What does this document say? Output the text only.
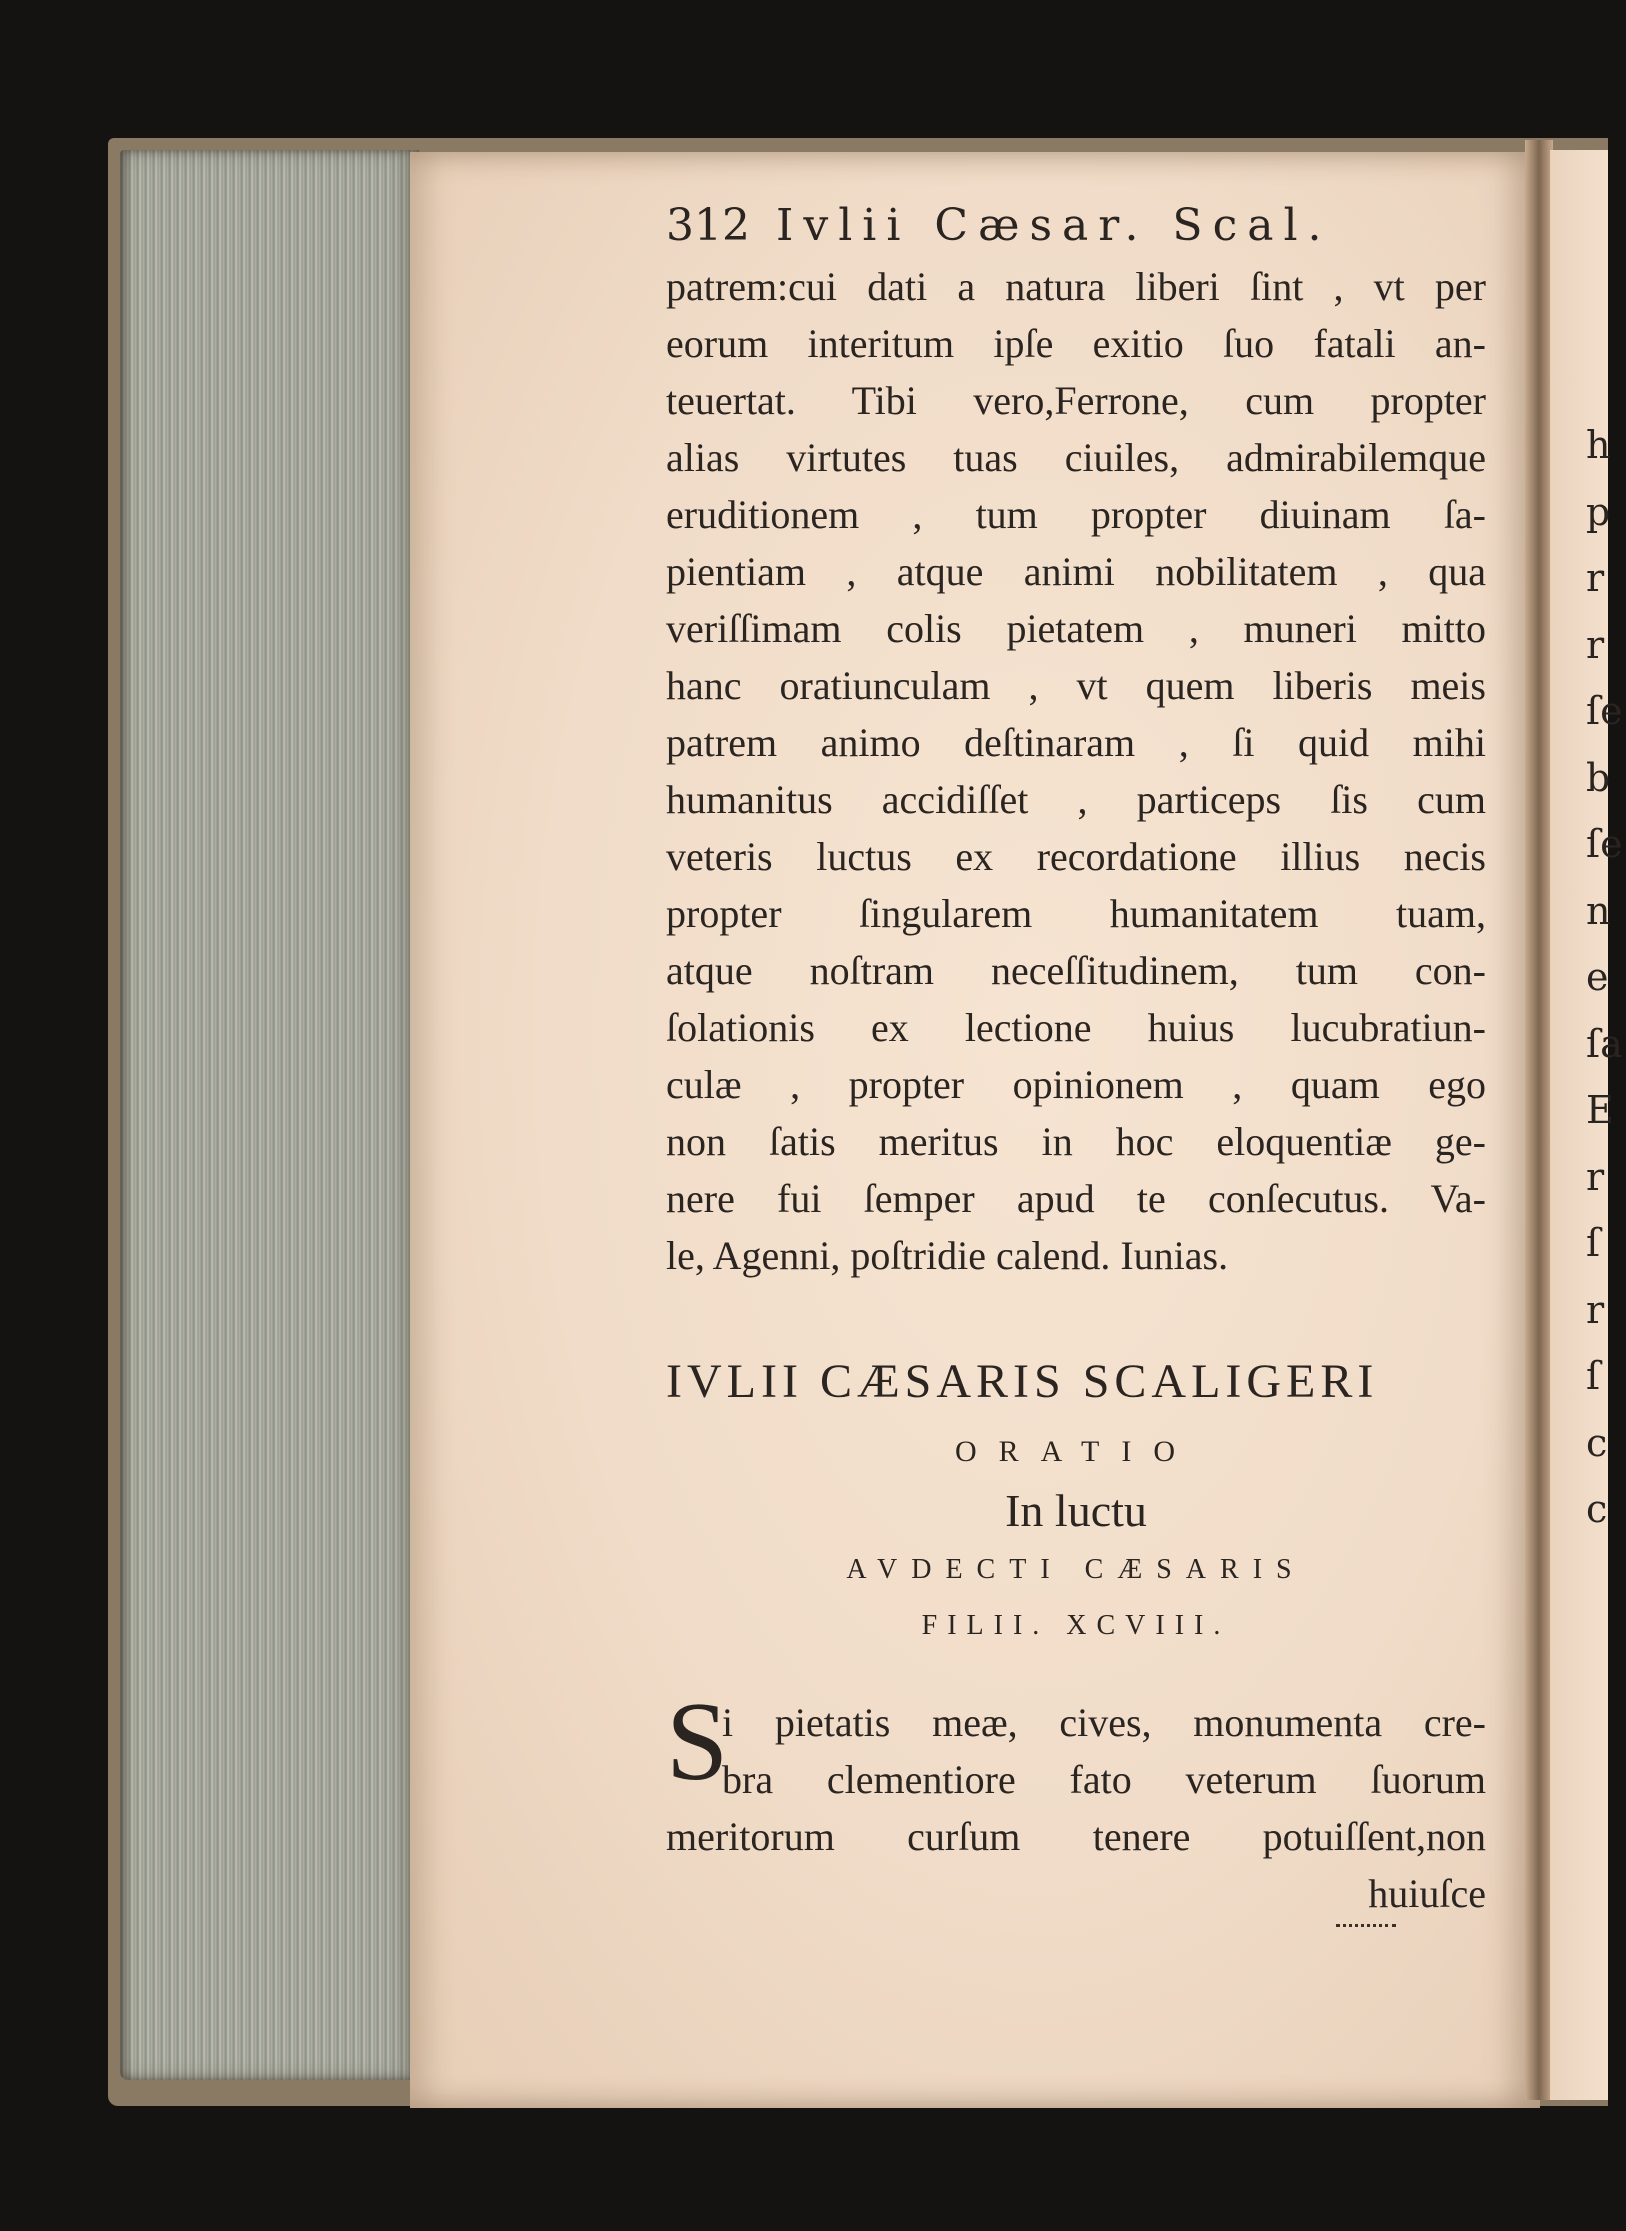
h
p
r
r
ſe
b
ſe
n
e
ſa
E
r
ſ
r
ſ
c
c
312 Ivlii Cæsar. Scal.
patrem:cui dati a natura liberi ſint , vt per
eorum interitum ipſe exitio ſuo fatali an-
teuertat. Tibi vero,Ferrone, cum propter
alias virtutes tuas ciuiles, admirabilemque
eruditionem , tum propter diuinam ſa-
pientiam , atque animi nobilitatem , qua
veriſſimam colis pietatem , muneri mitto
hanc oratiunculam , vt quem liberis meis
patrem animo deſtinaram , ſi quid mihi
humanitus accidiſſet , particeps ſis cum
veteris luctus ex recordatione illius necis
propter ſingularem humanitatem tuam,
atque noſtram neceſſitudinem, tum con-
ſolationis ex lectione huius lucubratiun-
culæ , propter opinionem , quam ego
non ſatis meritus in hoc eloquentiæ ge-
nere fui ſemper apud te conſecutus. Va-
le, Agenni, poſtridie calend. Iunias.
IVLII CÆSARIS SCALIGERI
ORATIO
In luctu
AVDECTI CÆSARIS
FILII. XCVIII.
S
i pietatis meæ, cives, monumenta cre-
bra clementiore fato veterum ſuorum
meritorum curſum tenere potuiſſent,non
huiuſce
